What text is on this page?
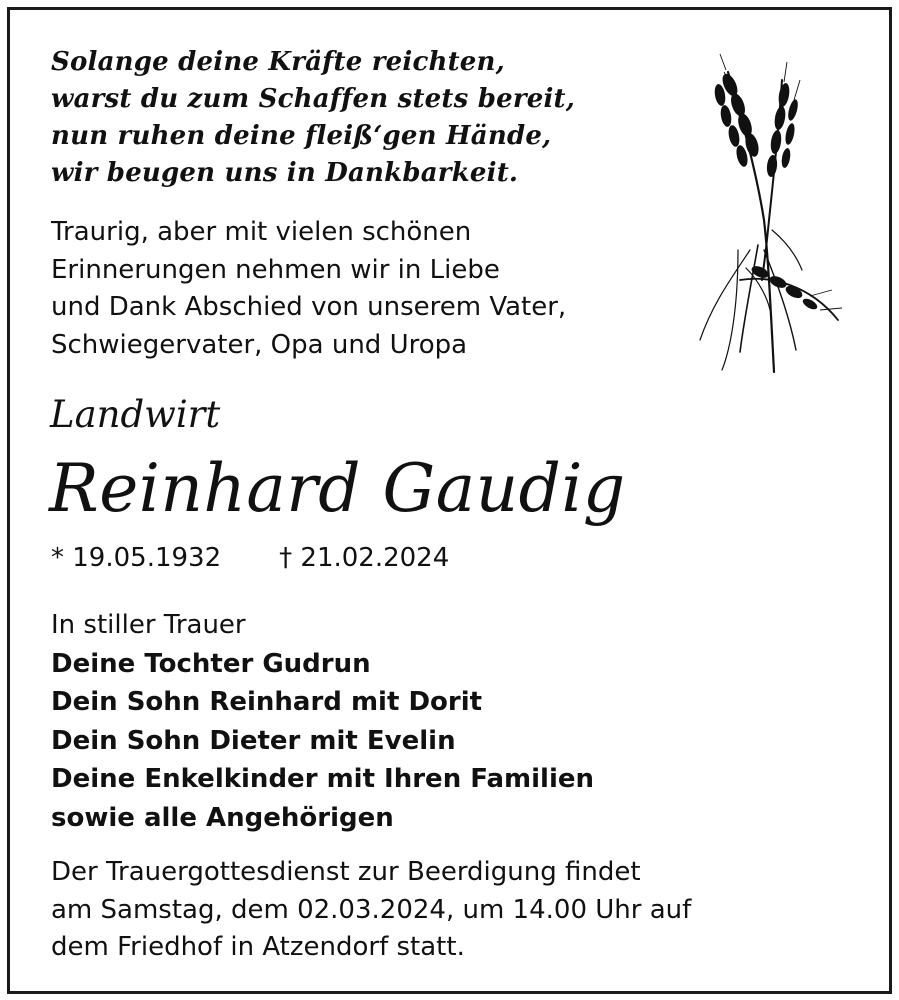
Solange deine Kräfte reichten,
warst du zum Schaffen stets bereit,
nun ruhen deine fleiß‘gen Hände,
wir beugen uns in Dankbarkeit.
Traurig, aber mit vielen schönen
Erinnerungen nehmen wir in Liebe
und Dank Abschied von unserem Vater,
Schwiegervater, Opa und Uropa
Landwirt
Reinhard Gaudig
* 19.05.1932 † 21.02.2024
In stiller Trauer
Deine Tochter Gudrun
Dein Sohn Reinhard mit Dorit
Dein Sohn Dieter mit Evelin
Deine Enkelkinder mit Ihren Familien
sowie alle Angehörigen
Der Trauergottesdienst zur Beerdigung findet
am Samstag, dem 02.03.2024, um 14.00 Uhr auf
dem Friedhof in Atzendorf statt.
